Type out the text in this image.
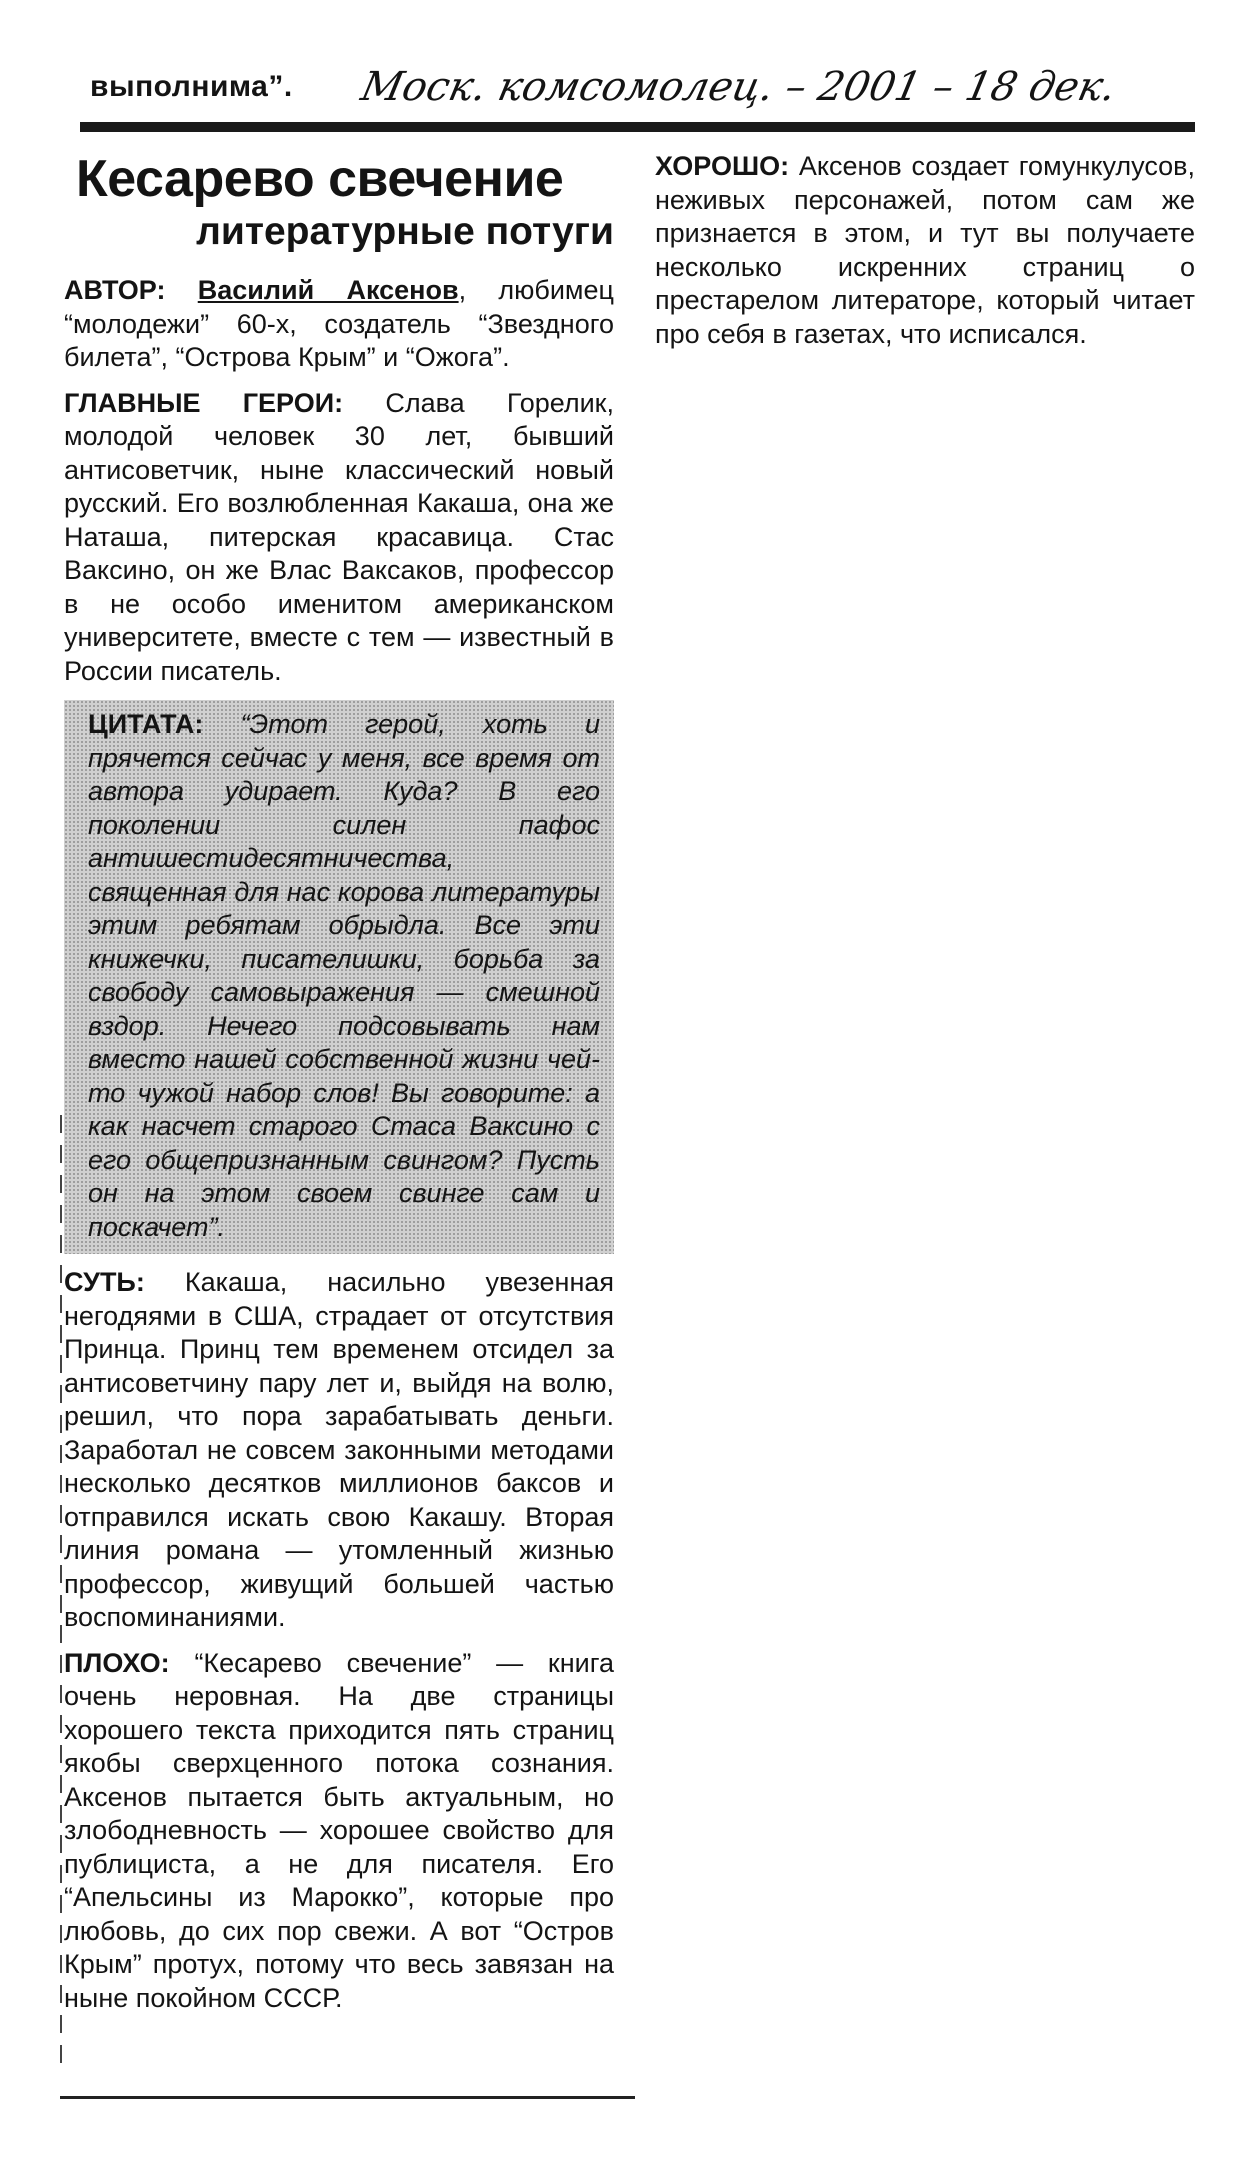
выполнима”. Моск. комсомолец. – 2001 – 18 дек.
Кесарево свечение
литературные потуги

АВТОР: Василий Аксенов, любимец “молодежи” 60-х, создатель “Звездного билета”, “Острова Крым” и “Ожога”.

ГЛАВНЫЕ ГЕРОИ: Слава Горелик, молодой человек 30 лет, бывший антисоветчик, ныне классический новый русский. Его возлюбленная Какаша, она же Наташа, питерская красавица. Стас Ваксино, он же Влас Ваксаков, профессор в не особо именитом американском университете, вместе с тем — известный в России писатель.

ЦИТАТА: “Этот герой, хоть и прячется сейчас у меня, все время от автора удирает. Куда? В его поколении силен пафос антишестидесятничества, священная для нас корова литературы этим ребятам обрыдла. Все эти книжечки, писателишки, борьба за свободу самовыражения — смешной вздор. Нечего подсовывать нам вместо нашей собственной жизни чей-то чужой набор слов! Вы говорите: а как насчет старого Стаса Ваксино с его общепризнанным свингом? Пусть он на этом своем свинге сам и поскачет”.

СУТЬ: Какаша, насильно увезенная негодяями в США, страдает от отсутствия Принца. Принц тем временем отсидел за антисоветчину пару лет и, выйдя на волю, решил, что пора зарабатывать деньги. Заработал не совсем законными методами несколько десятков миллионов баксов и отправился искать свою Какашу. Вторая линия романа — утомленный жизнью профессор, живущий большей частью воспоминаниями.

ПЛОХО: “Кесарево свечение” — книга очень неровная. На две страницы хорошего текста приходится пять страниц якобы сверхценного потока сознания. Аксенов пытается быть актуальным, но злободневность — хорошее свойство для публициста, а не для писателя. Его “Апельсины из Марокко”, которые про любовь, до сих пор свежи. А вот “Остров Крым” протух, потому что весь завязан на ныне покойном СССР.

ХОРОШО: Аксенов создает гомункулусов, неживых персонажей, потом сам же признается в этом, и тут вы получаете несколько искренних страниц о престарелом литераторе, который читает про себя в газетах, что исписался.
